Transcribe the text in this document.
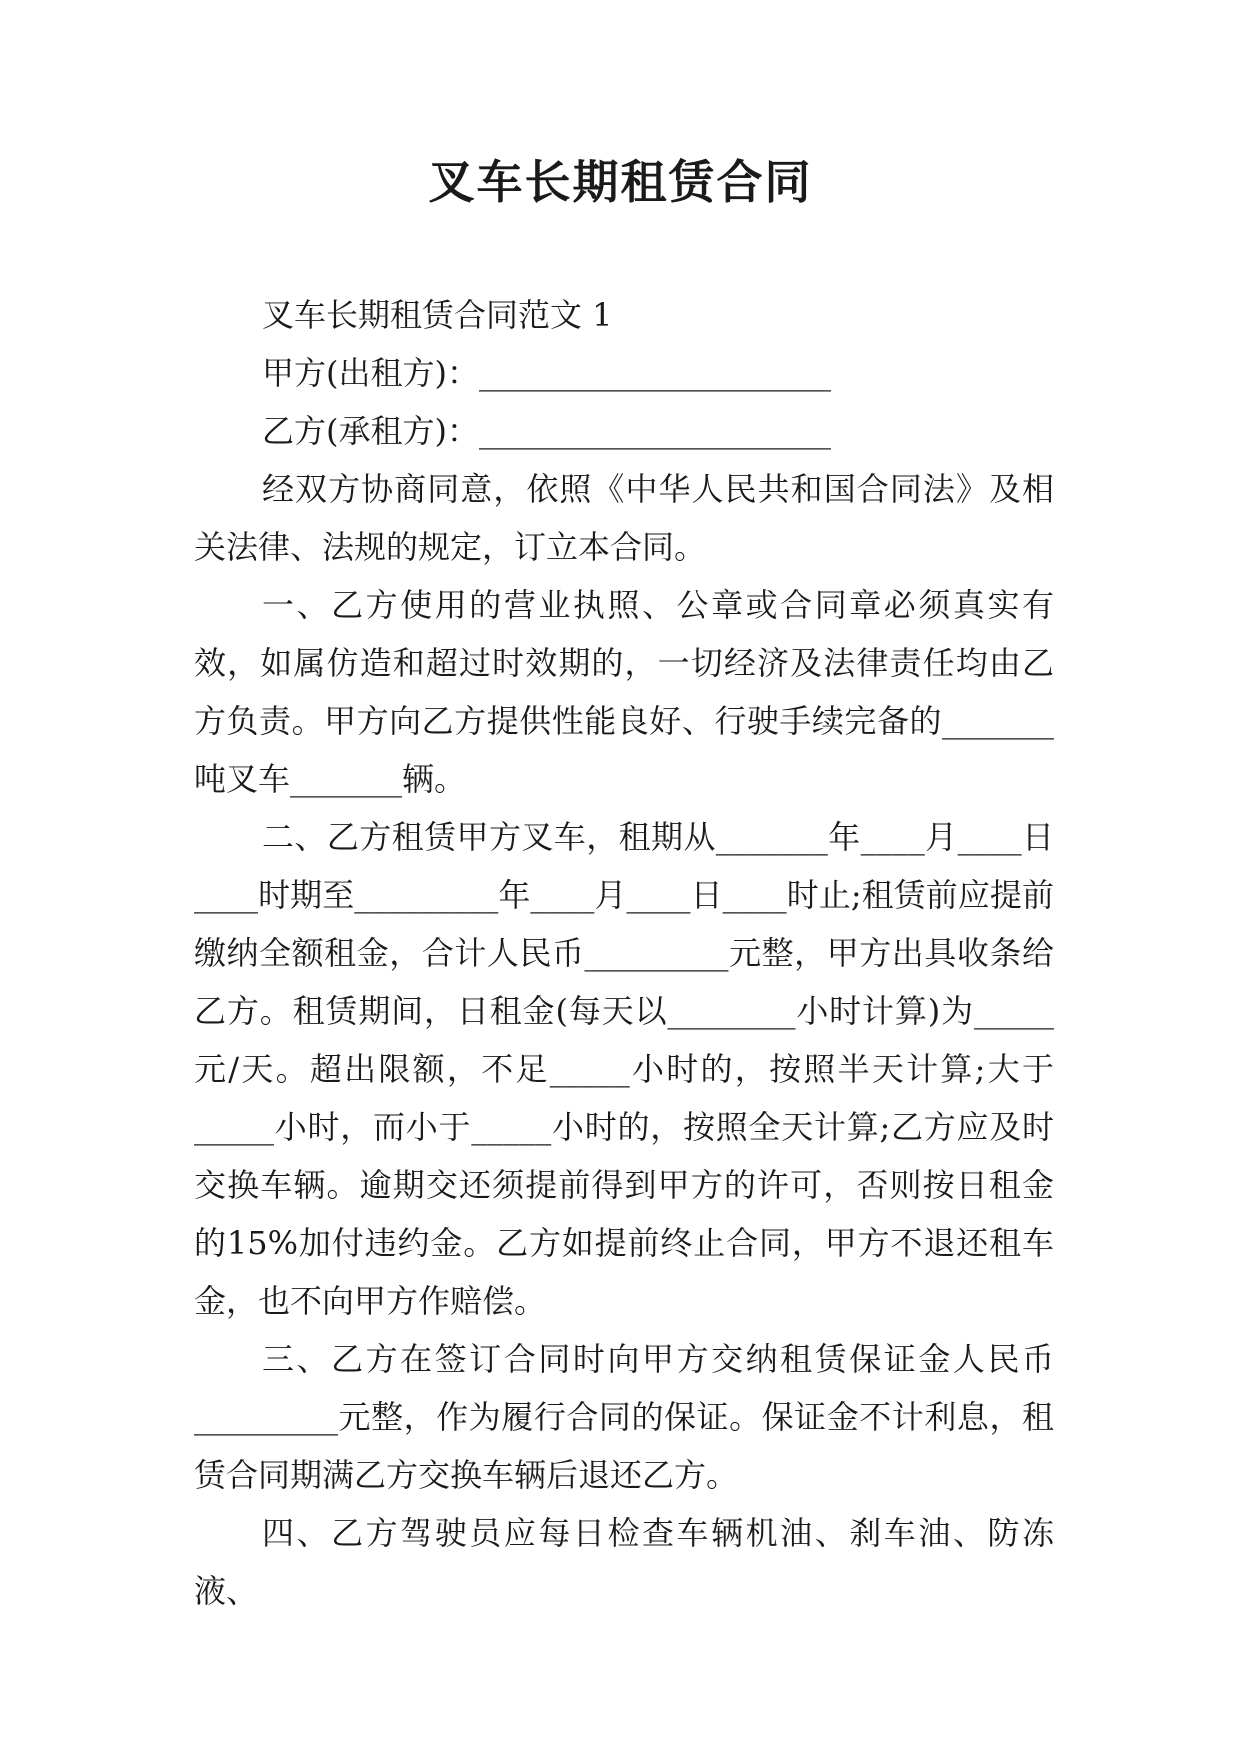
叉车长期租赁合同

叉车长期租赁合同范文 1

甲方(出租方)：______________________

乙方(承租方)：______________________

经双方协商同意，依照《中华人民共和国合同法》及相关法律、法规的规定，订立本合同。

一、乙方使用的营业执照、公章或合同章必须真实有效，如属仿造和超过时效期的，一切经济及法律责任均由乙方负责。甲方向乙方提供性能良好、行驶手续完备的_______吨叉车_______辆。

二、乙方租赁甲方叉车，租期从_______年____月____日____时期至_________年____月____日____时止;租赁前应提前缴纳全额租金，合计人民币_________元整，甲方出具收条给乙方。租赁期间，日租金(每天以________小时计算)为_____元/天。超出限额，不足_____小时的，按照半天计算;大于_____小时，而小于_____小时的，按照全天计算;乙方应及时交换车辆。逾期交还须提前得到甲方的许可，否则按日租金的15%加付违约金。乙方如提前终止合同，甲方不退还租车金，也不向甲方作赔偿。

三、乙方在签订合同时向甲方交纳租赁保证金人民币_________元整，作为履行合同的保证。保证金不计利息，租赁合同期满乙方交换车辆后退还乙方。

四、乙方驾驶员应每日检查车辆机油、刹车油、防冻液、
